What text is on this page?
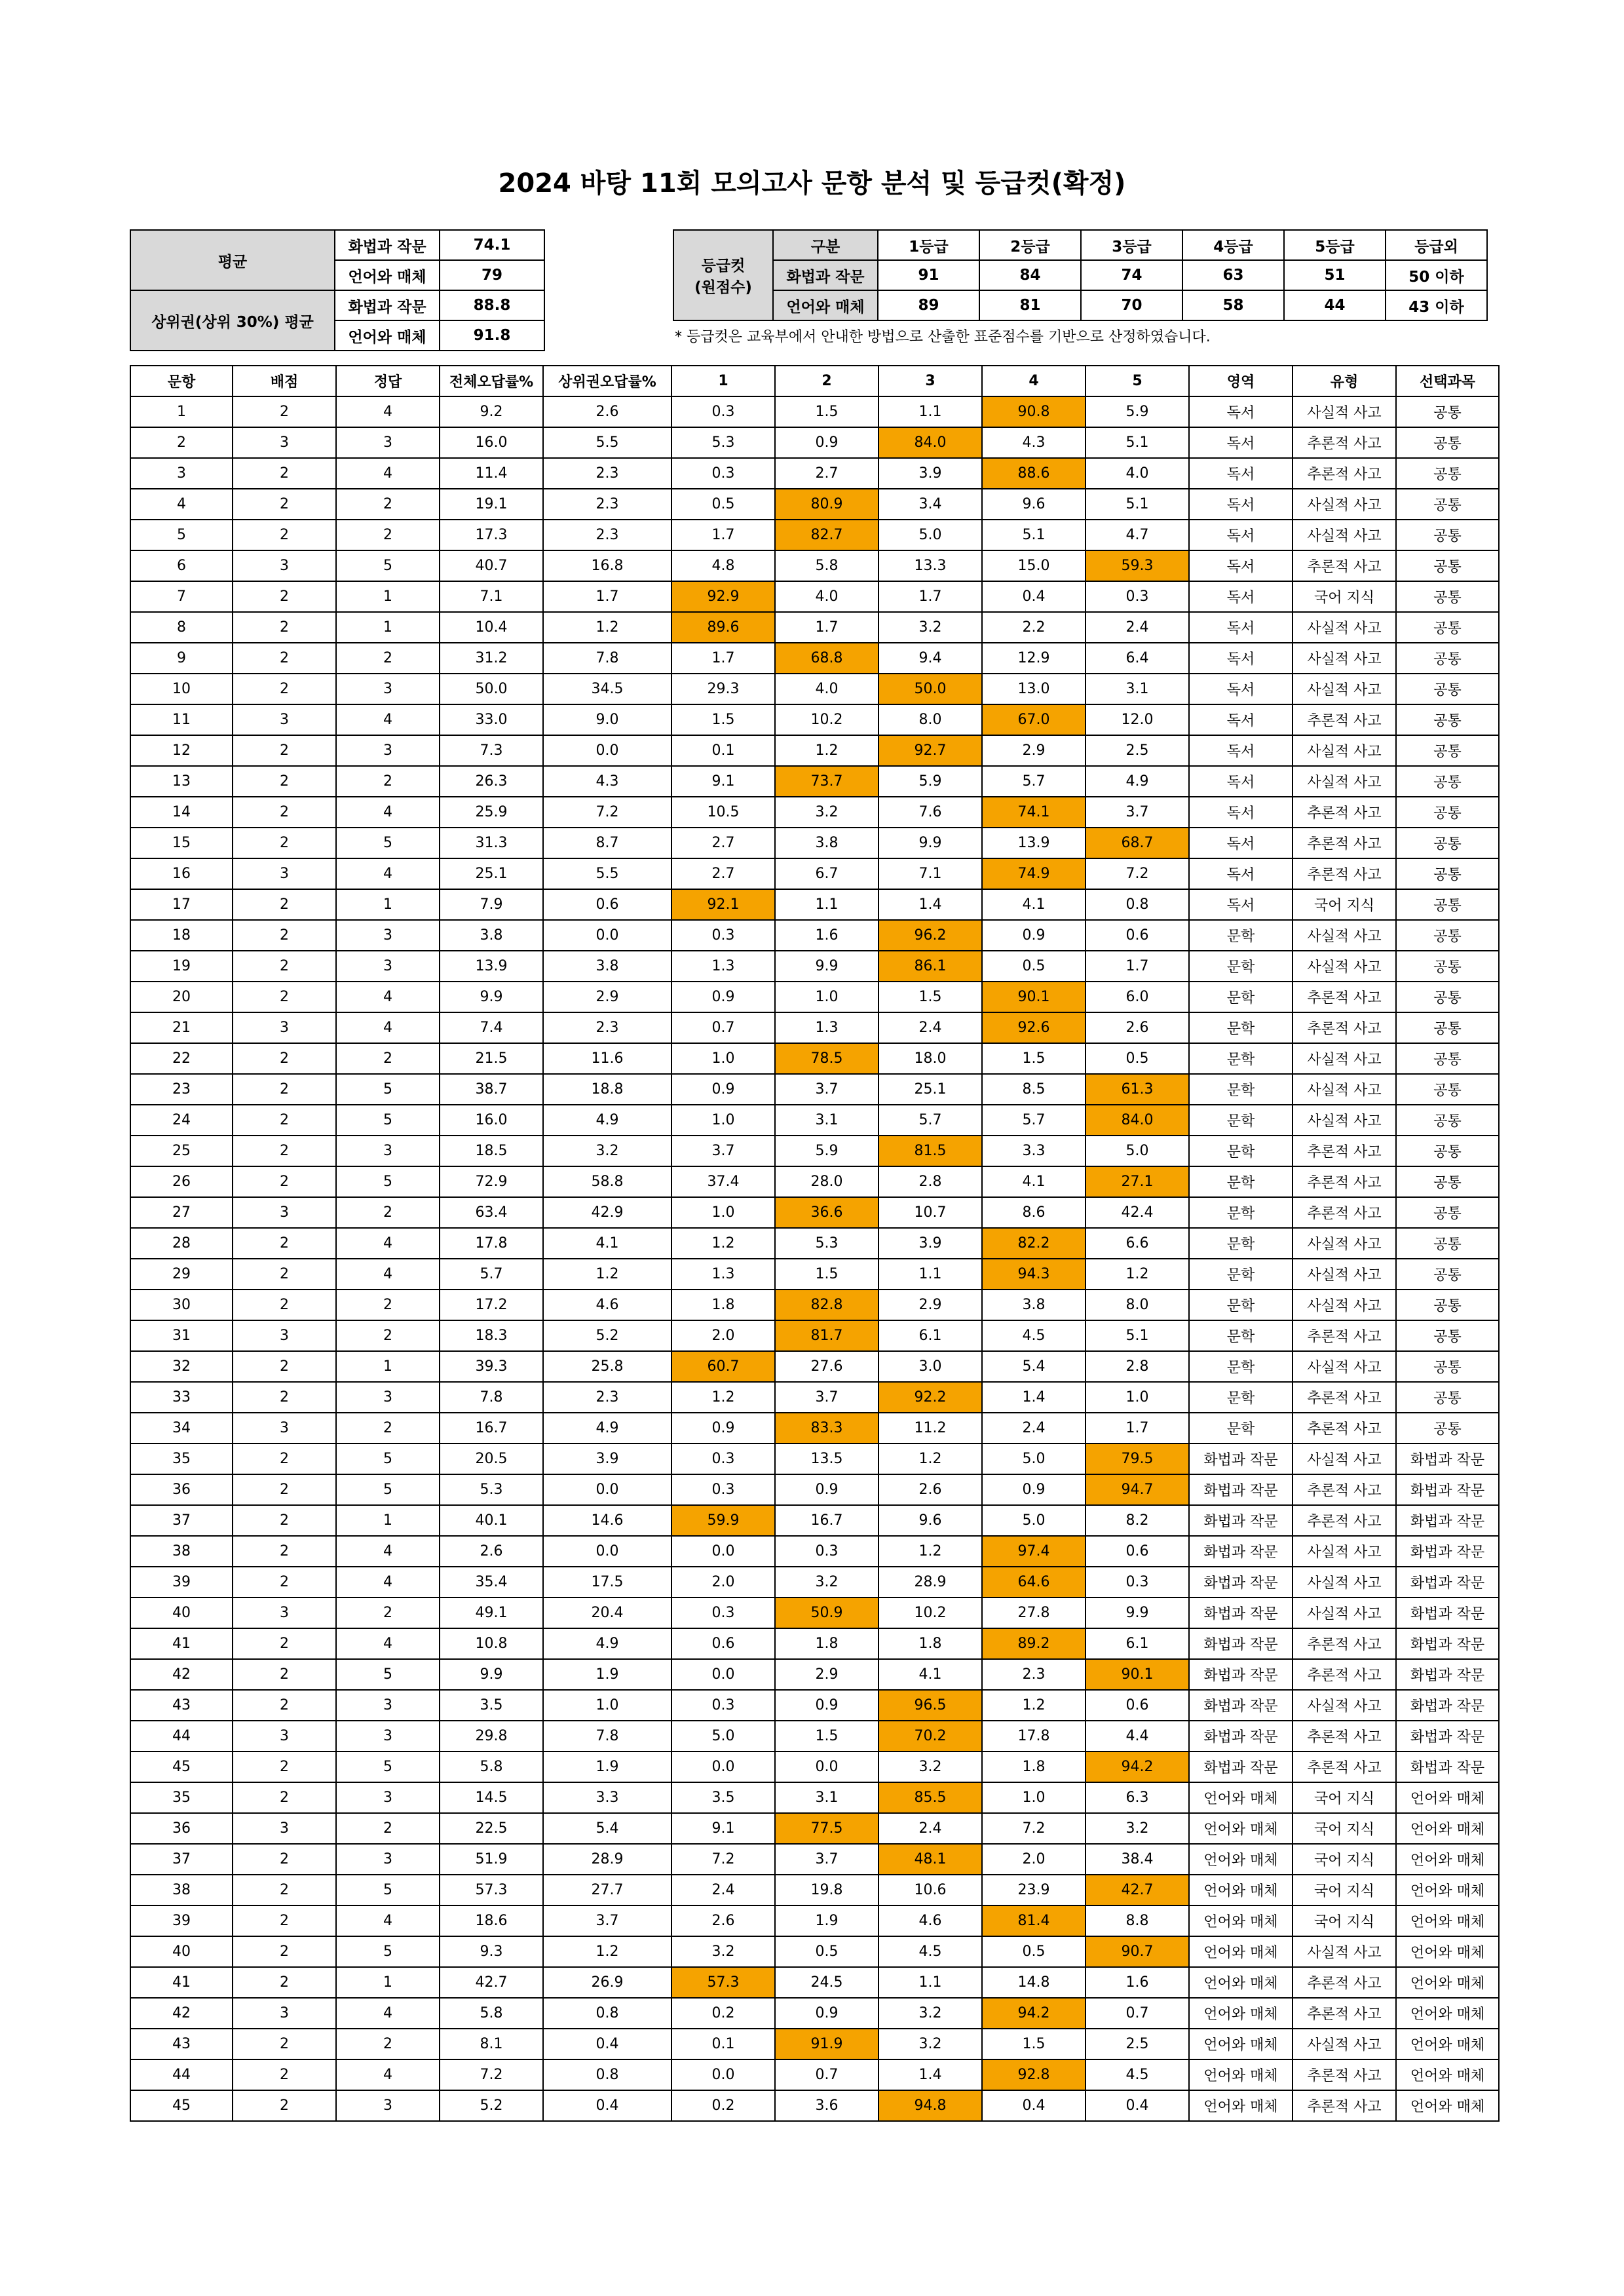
2024 바탕 11회 모의고사 문항 분석 및 등급컷(확정)
평균	화법과 작문	74.1
	언어와 매체	79
상위권(상위 30%) 평균	화법과 작문	88.8
	언어와 매체	91.8
등급컷
(원점수)	구분	1등급	2등급	3등급	4등급	5등급	등급외
	화법과 작문	91	84	74	63	51	50 이하
	언어와 매체	89	81	70	58	44	43 이하
* 등급컷은 교육부에서 안내한 방법으로 산출한 표준점수를 기반으로 산정하였습니다.
문항	배점	정답	전체오답률%	상위권오답률%	1	2	3	4	5	영역	유형	선택과목
1	2	4	9.2	2.6	0.3	1.5	1.1	90.8	5.9	독서	사실적 사고	공통
2	3	3	16.0	5.5	5.3	0.9	84.0	4.3	5.1	독서	추론적 사고	공통
3	2	4	11.4	2.3	0.3	2.7	3.9	88.6	4.0	독서	추론적 사고	공통
4	2	2	19.1	2.3	0.5	80.9	3.4	9.6	5.1	독서	사실적 사고	공통
5	2	2	17.3	2.3	1.7	82.7	5.0	5.1	4.7	독서	사실적 사고	공통
6	3	5	40.7	16.8	4.8	5.8	13.3	15.0	59.3	독서	추론적 사고	공통
7	2	1	7.1	1.7	92.9	4.0	1.7	0.4	0.3	독서	국어 지식	공통
8	2	1	10.4	1.2	89.6	1.7	3.2	2.2	2.4	독서	사실적 사고	공통
9	2	2	31.2	7.8	1.7	68.8	9.4	12.9	6.4	독서	사실적 사고	공통
10	2	3	50.0	34.5	29.3	4.0	50.0	13.0	3.1	독서	사실적 사고	공통
11	3	4	33.0	9.0	1.5	10.2	8.0	67.0	12.0	독서	추론적 사고	공통
12	2	3	7.3	0.0	0.1	1.2	92.7	2.9	2.5	독서	사실적 사고	공통
13	2	2	26.3	4.3	9.1	73.7	5.9	5.7	4.9	독서	사실적 사고	공통
14	2	4	25.9	7.2	10.5	3.2	7.6	74.1	3.7	독서	추론적 사고	공통
15	2	5	31.3	8.7	2.7	3.8	9.9	13.9	68.7	독서	추론적 사고	공통
16	3	4	25.1	5.5	2.7	6.7	7.1	74.9	7.2	독서	추론적 사고	공통
17	2	1	7.9	0.6	92.1	1.1	1.4	4.1	0.8	독서	국어 지식	공통
18	2	3	3.8	0.0	0.3	1.6	96.2	0.9	0.6	문학	사실적 사고	공통
19	2	3	13.9	3.8	1.3	9.9	86.1	0.5	1.7	문학	사실적 사고	공통
20	2	4	9.9	2.9	0.9	1.0	1.5	90.1	6.0	문학	추론적 사고	공통
21	3	4	7.4	2.3	0.7	1.3	2.4	92.6	2.6	문학	추론적 사고	공통
22	2	2	21.5	11.6	1.0	78.5	18.0	1.5	0.5	문학	사실적 사고	공통
23	2	5	38.7	18.8	0.9	3.7	25.1	8.5	61.3	문학	사실적 사고	공통
24	2	5	16.0	4.9	1.0	3.1	5.7	5.7	84.0	문학	사실적 사고	공통
25	2	3	18.5	3.2	3.7	5.9	81.5	3.3	5.0	문학	추론적 사고	공통
26	2	5	72.9	58.8	37.4	28.0	2.8	4.1	27.1	문학	추론적 사고	공통
27	3	2	63.4	42.9	1.0	36.6	10.7	8.6	42.4	문학	추론적 사고	공통
28	2	4	17.8	4.1	1.2	5.3	3.9	82.2	6.6	문학	사실적 사고	공통
29	2	4	5.7	1.2	1.3	1.5	1.1	94.3	1.2	문학	사실적 사고	공통
30	2	2	17.2	4.6	1.8	82.8	2.9	3.8	8.0	문학	사실적 사고	공통
31	3	2	18.3	5.2	2.0	81.7	6.1	4.5	5.1	문학	추론적 사고	공통
32	2	1	39.3	25.8	60.7	27.6	3.0	5.4	2.8	문학	사실적 사고	공통
33	2	3	7.8	2.3	1.2	3.7	92.2	1.4	1.0	문학	추론적 사고	공통
34	3	2	16.7	4.9	0.9	83.3	11.2	2.4	1.7	문학	추론적 사고	공통
35	2	5	20.5	3.9	0.3	13.5	1.2	5.0	79.5	화법과 작문	사실적 사고	화법과 작문
36	2	5	5.3	0.0	0.3	0.9	2.6	0.9	94.7	화법과 작문	추론적 사고	화법과 작문
37	2	1	40.1	14.6	59.9	16.7	9.6	5.0	8.2	화법과 작문	추론적 사고	화법과 작문
38	2	4	2.6	0.0	0.0	0.3	1.2	97.4	0.6	화법과 작문	사실적 사고	화법과 작문
39	2	4	35.4	17.5	2.0	3.2	28.9	64.6	0.3	화법과 작문	사실적 사고	화법과 작문
40	3	2	49.1	20.4	0.3	50.9	10.2	27.8	9.9	화법과 작문	사실적 사고	화법과 작문
41	2	4	10.8	4.9	0.6	1.8	1.8	89.2	6.1	화법과 작문	추론적 사고	화법과 작문
42	2	5	9.9	1.9	0.0	2.9	4.1	2.3	90.1	화법과 작문	추론적 사고	화법과 작문
43	2	3	3.5	1.0	0.3	0.9	96.5	1.2	0.6	화법과 작문	사실적 사고	화법과 작문
44	3	3	29.8	7.8	5.0	1.5	70.2	17.8	4.4	화법과 작문	추론적 사고	화법과 작문
45	2	5	5.8	1.9	0.0	0.0	3.2	1.8	94.2	화법과 작문	추론적 사고	화법과 작문
35	2	3	14.5	3.3	3.5	3.1	85.5	1.0	6.3	언어와 매체	국어 지식	언어와 매체
36	3	2	22.5	5.4	9.1	77.5	2.4	7.2	3.2	언어와 매체	국어 지식	언어와 매체
37	2	3	51.9	28.9	7.2	3.7	48.1	2.0	38.4	언어와 매체	국어 지식	언어와 매체
38	2	5	57.3	27.7	2.4	19.8	10.6	23.9	42.7	언어와 매체	국어 지식	언어와 매체
39	2	4	18.6	3.7	2.6	1.9	4.6	81.4	8.8	언어와 매체	국어 지식	언어와 매체
40	2	5	9.3	1.2	3.2	0.5	4.5	0.5	90.7	언어와 매체	사실적 사고	언어와 매체
41	2	1	42.7	26.9	57.3	24.5	1.1	14.8	1.6	언어와 매체	추론적 사고	언어와 매체
42	3	4	5.8	0.8	0.2	0.9	3.2	94.2	0.7	언어와 매체	추론적 사고	언어와 매체
43	2	2	8.1	0.4	0.1	91.9	3.2	1.5	2.5	언어와 매체	사실적 사고	언어와 매체
44	2	4	7.2	0.8	0.0	0.7	1.4	92.8	4.5	언어와 매체	추론적 사고	언어와 매체
45	2	3	5.2	0.4	0.2	3.6	94.8	0.4	0.4	언어와 매체	추론적 사고	언어와 매체
